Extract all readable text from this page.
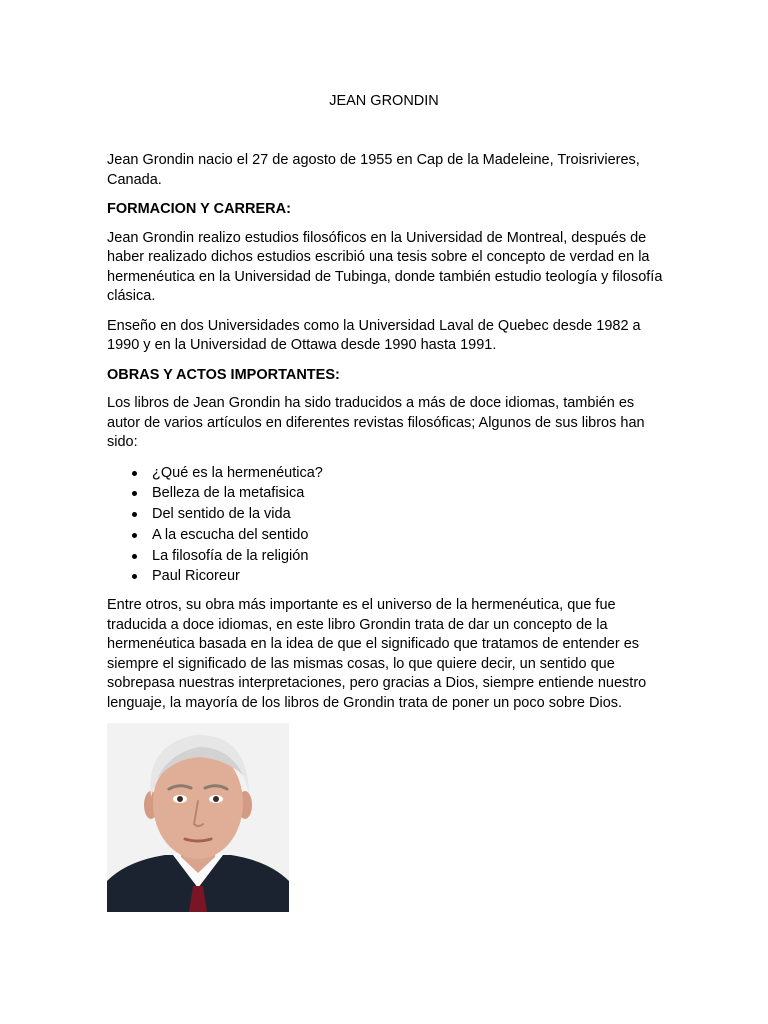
JEAN GRONDIN

Jean Grondin nacio el 27 de agosto de 1955 en Cap de la Madeleine, Troisrivieres, Canada.

FORMACION Y CARRERA:

Jean Grondin realizo estudios filosóficos en la Universidad de Montreal, después de haber realizado dichos estudios escribió una tesis sobre el concepto de verdad en la hermenéutica en la Universidad de Tubinga, donde también estudio teología y filosofía clásica.

Enseño en dos Universidades como la Universidad Laval de Quebec desde 1982 a 1990 y en la Universidad de Ottawa desde 1990 hasta 1991.

OBRAS Y ACTOS IMPORTANTES:

Los libros de Jean Grondin ha sido traducidos a más de doce idiomas, también es autor de varios artículos en diferentes revistas filosóficas; Algunos de sus libros han sido:

¿Qué es la hermenéutica?
Belleza de la metafisica
Del sentido de la vida
A la escucha del sentido
La filosofía de la religión
Paul Ricoreur

Entre otros, su obra más importante es el universo de la hermenéutica, que fue traducida a doce idiomas, en este libro Grondin trata de dar un concepto de la hermenéutica basada en la idea de que el significado que tratamos de entender es siempre el significado de las mismas cosas, lo que quiere decir, un sentido que sobrepasa nuestras interpretaciones, pero gracias a Dios, siempre entiende nuestro lenguaje, la mayoría de los libros de Grondin trata de poner un poco sobre Dios.
